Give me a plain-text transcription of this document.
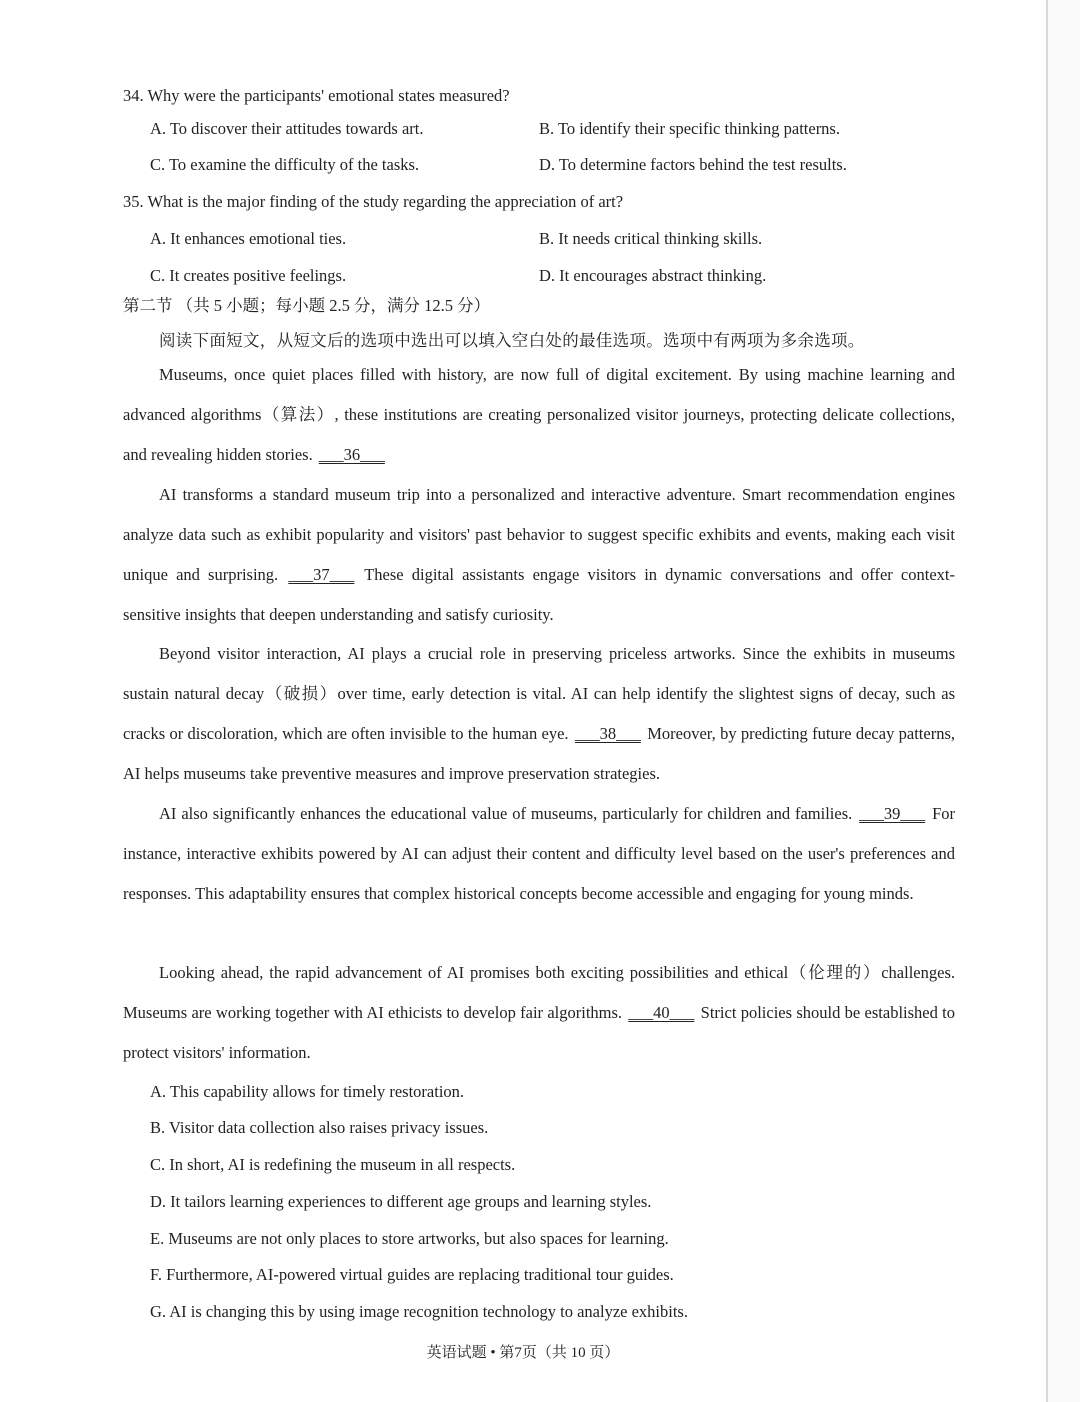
34. Why were the participants' emotional states measured?
A. To discover their attitudes towards art.	B. To identify their specific thinking patterns.
C. To examine the difficulty of the tasks.	D. To determine factors behind the test results.
35. What is the major finding of the study regarding the appreciation of art?
A. It enhances emotional ties.	B. It needs critical thinking skills.
C. It creates positive feelings.	D. It encourages abstract thinking.
第二节 （共 5 小题；每小题 2.5 分，满分 12.5 分）
阅读下面短文，从短文后的选项中选出可以填入空白处的最佳选项。选项中有两项为多余选项。
Museums, once quiet places filled with history, are now full of digital excitement. By using machine learning and advanced algorithms（算法）, these institutions are creating personalized visitor journeys, protecting delicate collections, and revealing hidden stories. ___36___
AI transforms a standard museum trip into a personalized and interactive adventure. Smart recommendation engines analyze data such as exhibit popularity and visitors' past behavior to suggest specific exhibits and events, making each visit unique and surprising. ___37___ These digital assistants engage visitors in dynamic conversations and offer context-sensitive insights that deepen understanding and satisfy curiosity.
Beyond visitor interaction, AI plays a crucial role in preserving priceless artworks. Since the exhibits in museums sustain natural decay（破损）over time, early detection is vital. AI can help identify the slightest signs of decay, such as cracks or discoloration, which are often invisible to the human eye. ___38___ Moreover, by predicting future decay patterns, AI helps museums take preventive measures and improve preservation strategies.
AI also significantly enhances the educational value of museums, particularly for children and families. ___39___ For instance, interactive exhibits powered by AI can adjust their content and difficulty level based on the user's preferences and responses. This adaptability ensures that complex historical concepts become accessible and engaging for young minds.
Looking ahead, the rapid advancement of AI promises both exciting possibilities and ethical（伦理的）challenges. Museums are working together with AI ethicists to develop fair algorithms. ___40___ Strict policies should be established to protect visitors' information.
A. This capability allows for timely restoration.
B. Visitor data collection also raises privacy issues.
C. In short, AI is redefining the museum in all respects.
D. It tailors learning experiences to different age groups and learning styles.
E. Museums are not only places to store artworks, but also spaces for learning.
F. Furthermore, AI-powered virtual guides are replacing traditional tour guides.
G. AI is changing this by using image recognition technology to analyze exhibits.
英语试题 • 第7页（共 10 页）
